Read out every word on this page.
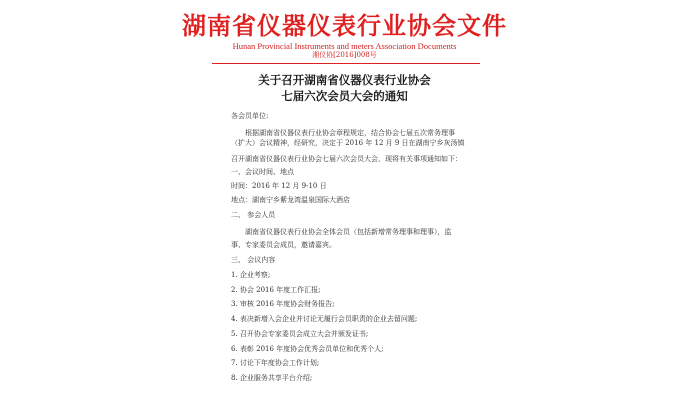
湖南省仪器仪表行业协会文件
Hunan Provincial Instruments and meters Association Documents
湘仪协[2016]008号
关于召开湖南省仪器仪表行业协会
七届六次会员大会的通知
各会员单位:
根据湖南省仪器仪表行业协会章程规定，结合协会七届五次常务理事
（扩大）会议精神，经研究，决定于 2016 年 12 月 9 日在湖南宁乡灰汤镇
召开湖南省仪器仪表行业协会七届六次会员大会，现将有关事项通知如下：
一、会议时间、地点
时间：2016 年 12 月 9-10 日
地点：湖南宁乡紫龙湾温泉国际大酒店
二、 参会人员
湖南省仪器仪表行业协会全体会员（包括新增常务理事和理事），监
事、专家委员会成员，邀请嘉宾。
三、 会议内容
1. 企业考察;
2. 协会 2016 年度工作汇报;
3. 审核 2016 年度协会财务报告;
4. 表决新增入会企业并讨论无履行会员职责的企业去留问题;
5. 召开协会专家委员会成立大会并颁发证书;
6. 表彰 2016 年度协会优秀会员单位和优秀个人;
7. 讨论下年度协会工作计划;
8. 企业服务共享平台介绍;
